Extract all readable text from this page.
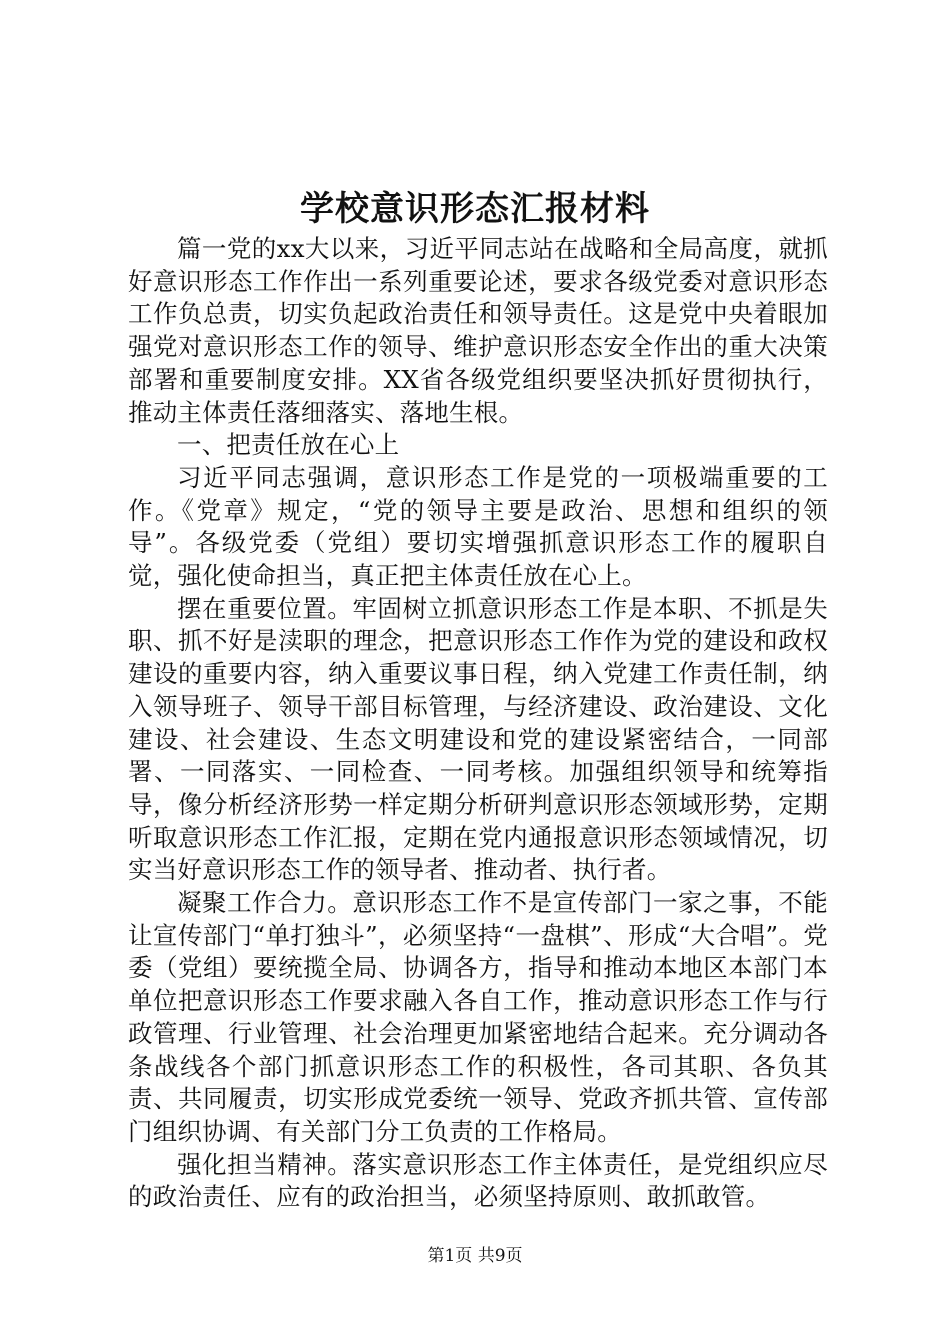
学校意识形态汇报材料

篇一党的xx大以来，习近平同志站在战略和全局高度，就抓好意识形态工作作出一系列重要论述，要求各级党委对意识形态工作负总责，切实负起政治责任和领导责任。这是党中央着眼加强党对意识形态工作的领导、维护意识形态安全作出的重大决策部署和重要制度安排。XX省各级党组织要坚决抓好贯彻执行，推动主体责任落细落实、落地生根。

一、把责任放在心上

习近平同志强调，意识形态工作是党的一项极端重要的工作。《党章》规定，“党的领导主要是政治、思想和组织的领导”。各级党委（党组）要切实增强抓意识形态工作的履职自觉，强化使命担当，真正把主体责任放在心上。

摆在重要位置。牢固树立抓意识形态工作是本职、不抓是失职、抓不好是渎职的理念，把意识形态工作作为党的建设和政权建设的重要内容，纳入重要议事日程，纳入党建工作责任制，纳入领导班子、领导干部目标管理，与经济建设、政治建设、文化建设、社会建设、生态文明建设和党的建设紧密结合，一同部署、一同落实、一同检查、一同考核。加强组织领导和统筹指导，像分析经济形势一样定期分析研判意识形态领域形势，定期听取意识形态工作汇报，定期在党内通报意识形态领域情况，切实当好意识形态工作的领导者、推动者、执行者。

凝聚工作合力。意识形态工作不是宣传部门一家之事，不能让宣传部门“单打独斗”，必须坚持“一盘棋”、形成“大合唱”。党委（党组）要统揽全局、协调各方，指导和推动本地区本部门本单位把意识形态工作要求融入各自工作，推动意识形态工作与行政管理、行业管理、社会治理更加紧密地结合起来。充分调动各条战线各个部门抓意识形态工作的积极性，各司其职、各负其责、共同履责，切实形成党委统一领导、党政齐抓共管、宣传部门组织协调、有关部门分工负责的工作格局。

强化担当精神。落实意识形态工作主体责任，是党组织应尽的政治责任、应有的政治担当，必须坚持原则、敢抓敢管。

第1页 共9页
